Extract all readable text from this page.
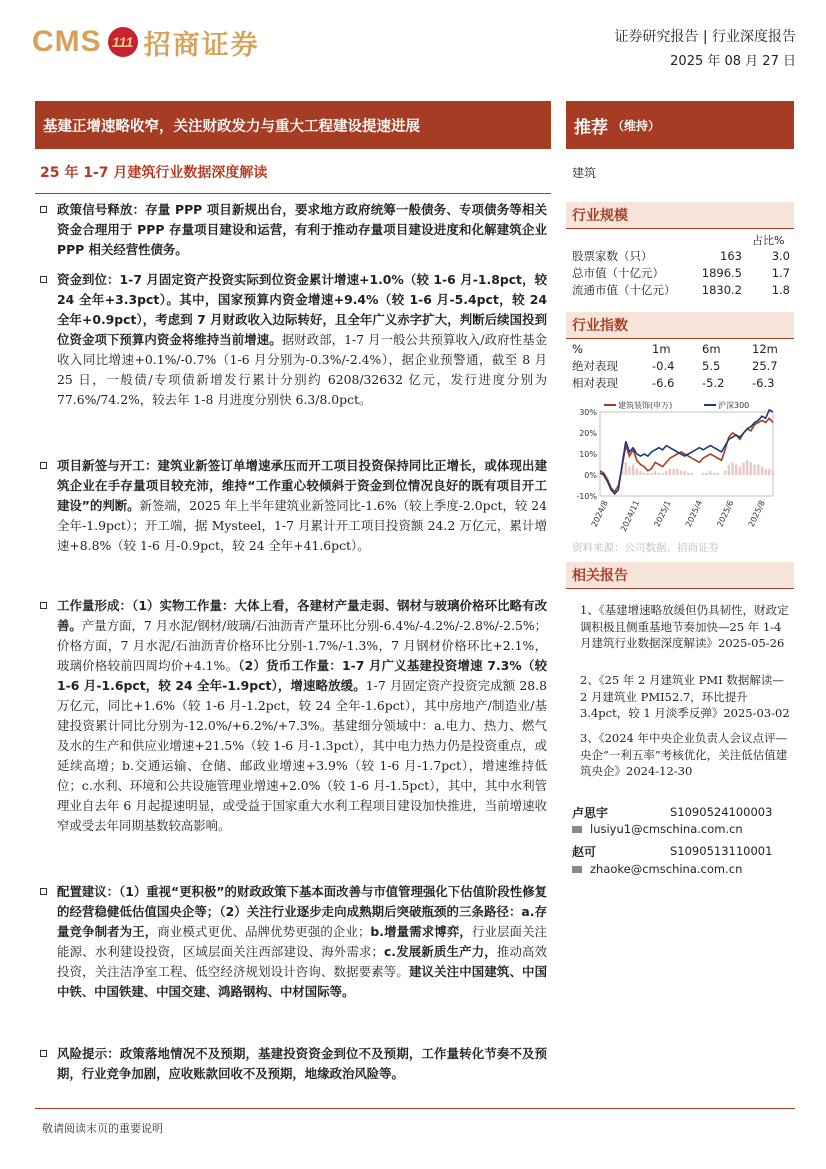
CMS 111 招商证券	证券研究报告 | 行业深度报告
2025 年 08 月 27 日
基建正增速略收窄，关注财政发力与重大工程建设提速进展	推荐 （维持）
25 年 1-7 月建筑行业数据深度解读
政策信号释放：存量 PPP 项目新规出台，要求地方政府统筹一般债务、专项债务等相关资金合理用于 PPP 存量项目建设和运营，有利于推动存量项目建设进度和化解建筑企业 PPP 相关经营性债务。
资金到位：1-7 月固定资产投资实际到位资金累计增速+1.0%（较 1-6 月-1.8pct，较 24 全年+3.3pct）。其中，国家预算内资金增速+9.4%（较 1-6 月-5.4pct，较 24 全年+0.9pct），考虑到 7 月财政收入边际转好，且全年广义赤字扩大，判断后续国投到位资金项下预算内资金将维持当前增速。据财政部，1-7 月一般公共预算收入/政府性基金收入同比增速+0.1%/-0.7%（1-6 月分别为-0.3%/-2.4%），据企业预警通，截至 8 月 25 日，一般债/专项债新增发行累计分别约 6208/32632 亿元，发行进度分别为 77.6%/74.2%，较去年 1-8 月进度分别快 6.3/8.0pct。
项目新签与开工：建筑业新签订单增速承压而开工项目投资保持同比正增长，或体现出建筑企业在手存量项目较充沛，维持“工作重心较倾斜于资金到位情况良好的既有项目开工建设”的判断。新签端，2025 年上半年建筑业新签同比-1.6%（较上季度-2.0pct，较 24 全年-1.9pct）；开工端，据 Mysteel，1-7 月累计开工项目投资额 24.2 万亿元，累计增速+8.8%（较 1-6 月-0.9pct，较 24 全年+41.6pct）。
工作量形成：（1）实物工作量：大体上看，各建材产量走弱、钢材与玻璃价格环比略有改善。产量方面，7 月水泥/钢材/玻璃/石油沥青产量环比分别-6.4%/-4.2%/-2.8%/-2.5%；价格方面，7 月水泥/石油沥青价格环比分别-1.7%/-1.3%，7 月钢材价格环比+2.1%，玻璃价格较前四周均价+4.1%。（2）货币工作量：1-7 月广义基建投资增速 7.3%（较 1-6 月-1.6pct，较 24 全年-1.9pct），增速略放缓。1-7 月固定资产投资完成额 28.8 万亿元，同比+1.6%（较 1-6 月-1.2pct，较 24 全年-1.6pct），其中房地产/制造业/基建投资累计同比分别为-12.0%/+6.2%/+7.3%。基建细分领域中：a.电力、热力、燃气及水的生产和供应业增速+21.5%（较 1-6 月-1.3pct），其中电力热力仍是投资重点，或延续高增；b.交通运输、仓储、邮政业增速+3.9%（较 1-6 月-1.7pct），增速维持低位；c.水利、环境和公共设施管理业增速+2.0%（较 1-6 月-1.5pct），其中，其中水利管理业自去年 6 月起提速明显，或受益于国家重大水利工程项目建设加快推进，当前增速收窄或受去年同期基数较高影响。
配置建议：（1）重视“更积极”的财政政策下基本面改善与市值管理强化下估值阶段性修复的经营稳健低估值国央企等；（2）关注行业逐步走向成熟期后突破瓶颈的三条路径：a.存量竞争制者为王，商业模式更优、品牌优势更强的企业；b.增量需求博弈，行业层面关注能源、水利建设投资，区域层面关注西部建设、海外需求；c.发展新质生产力，推动高效投资，关注洁净室工程、低空经济规划设计咨询、数据要素等。建议关注中国建筑、中国中铁、中国铁建、中国交建、鸿路钢构、中材国际等。
风险提示：政策落地情况不及预期，基建投资资金到位不及预期，工作量转化节奏不及预期，行业竞争加剧，应收账款回收不及预期，地缘政治风险等。
建筑
行业规模
占比%
股票家数（只）	163	3.0
总市值（十亿元）	1896.5	1.7
流通市值（十亿元）	1830.2	1.8
行业指数
%	1m	6m	12m
绝对表现	-0.4	5.5	25.7
相对表现	-6.6	-5.2	-6.3
30%
20%
10%
0%
-10%
建筑装饰(申万)	沪深300
2024/8 2024/11 2025/1 2025/4 2025/6 2025/8
资料来源：公司数据、招商证券
相关报告
1、《基建增速略放缓但仍具韧性，财政定调积极且侧重基地节奏加快—25 年 1-4 月建筑行业数据深度解读》2025-05-26
2、《25 年 2 月建筑业 PMI 数据解读—2 月建筑业 PMI52.7，环比提升 3.4pct，较 1 月淡季反弹》2025-03-02
3、《2024 年中央企业负责人会议点评—央企“一利五率”考核优化，关注低估值建筑央企》2024-12-30
卢思宇	S1090524100003
lusiyu1@cmschina.com.cn
赵可	S1090513110001
zhaoke@cmschina.com.cn
敬请阅读末页的重要说明
